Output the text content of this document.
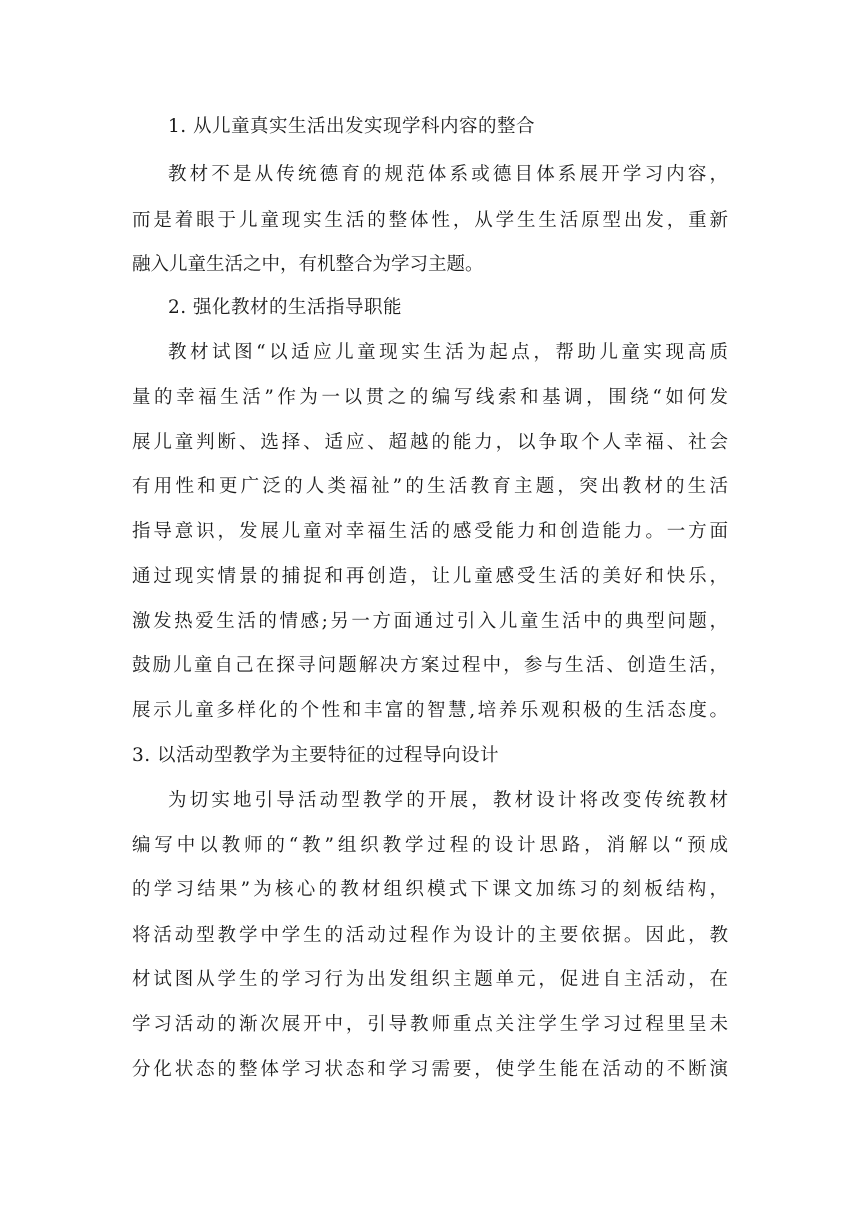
1. 从儿童真实生活出发实现学科内容的整合
教材不是从传统德育的规范体系或德目体系展开学习内容，
而是着眼于儿童现实生活的整体性，从学生生活原型出发，重新
融入儿童生活之中，有机整合为学习主题。
2. 强化教材的生活指导职能
教材试图“以适应儿童现实生活为起点，帮助儿童实现高质
量的幸福生活”作为一以贯之的编写线索和基调，围绕“如何发
展儿童判断、选择、适应、超越的能力，以争取个人幸福、社会
有用性和更广泛的人类福祉”的生活教育主题，突出教材的生活
指导意识，发展儿童对幸福生活的感受能力和创造能力。一方面
通过现实情景的捕捉和再创造，让儿童感受生活的美好和快乐，
激发热爱生活的情感;另一方面通过引入儿童生活中的典型问题，
鼓励儿童自己在探寻问题解决方案过程中，参与生活、创造生活，
展示儿童多样化的个性和丰富的智慧,培养乐观积极的生活态度。
3. 以活动型教学为主要特征的过程导向设计
为切实地引导活动型教学的开展，教材设计将改变传统教材
编写中以教师的“教”组织教学过程的设计思路，消解以“预成
的学习结果”为核心的教材组织模式下课文加练习的刻板结构，
将活动型教学中学生的活动过程作为设计的主要依据。因此，教
材试图从学生的学习行为出发组织主题单元，促进自主活动，在
学习活动的渐次展开中，引导教师重点关注学生学习过程里呈未
分化状态的整体学习状态和学习需要，使学生能在活动的不断演
